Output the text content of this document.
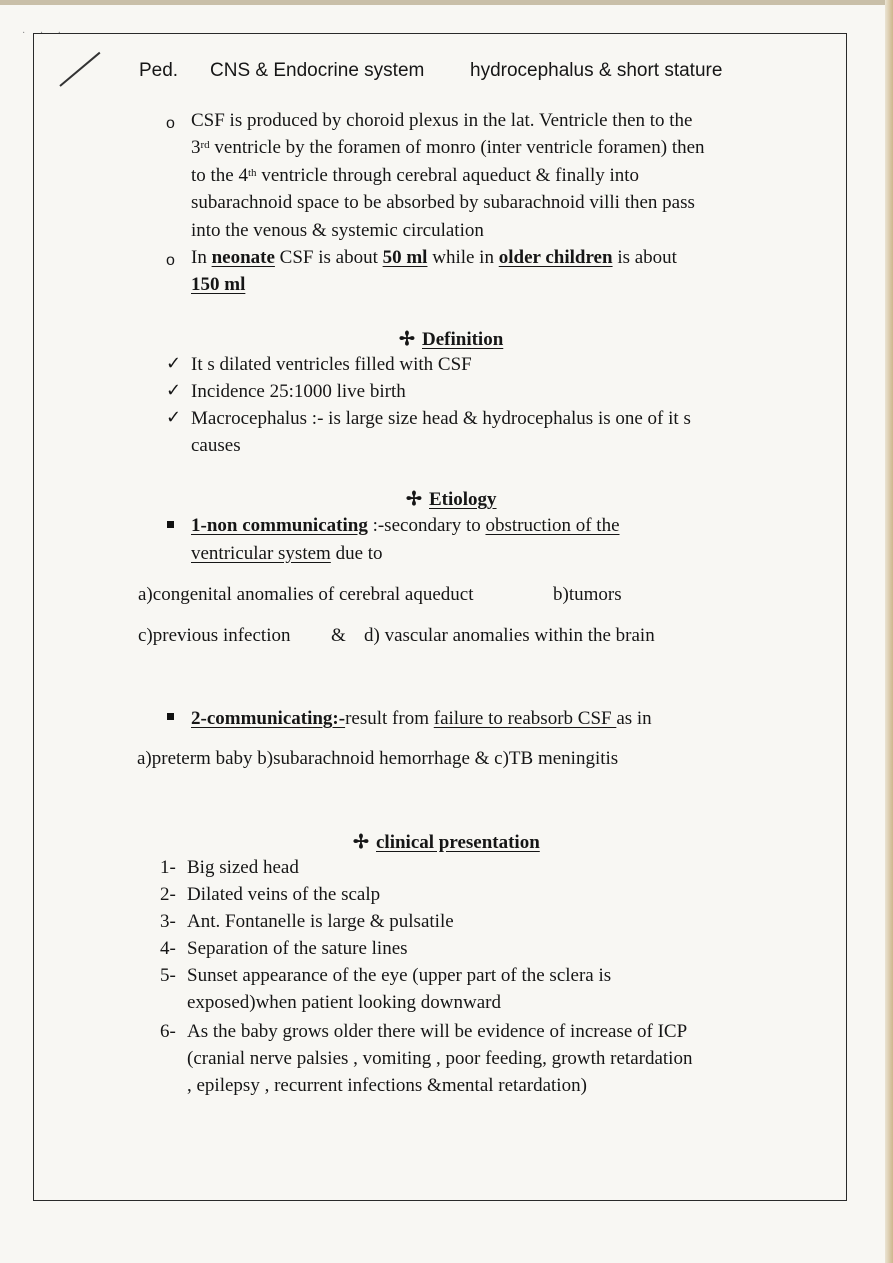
· · ·
Ped. CNS & Endocrine system hydrocephalus & short stature
o CSF is produced by choroid plexus in the lat. Ventricle then to the
3rd ventricle by the foramen of monro (inter ventricle foramen) then
to the 4th ventricle through cerebral aqueduct & finally into
subarachnoid space to be absorbed by subarachnoid villi then pass
into the venous & systemic circulation
o In neonate CSF is about 50 ml while in older children is about
150 ml
✢ Definition
✓ It s dilated ventricles filled with CSF
✓ Incidence 25:1000 live birth
✓ Macrocephalus :- is large size head & hydrocephalus is one of it s
causes
✢ Etiology
1-non communicating :-secondary to obstruction of the
ventricular system due to
a)congenital anomalies of cerebral aqueduct	b)tumors
c)previous infection & d) vascular anomalies within the brain
2-communicating:-result from failure to reabsorb CSF as in
a)preterm baby b)subarachnoid hemorrhage & c)TB meningitis
✢ clinical presentation
1- Big sized head
2- Dilated veins of the scalp
3- Ant. Fontanelle is large & pulsatile
4- Separation of the sature lines
5- Sunset appearance of the eye (upper part of the sclera is
exposed)when patient looking downward
6- As the baby grows older there will be evidence of increase of ICP
(cranial nerve palsies , vomiting , poor feeding, growth retardation
, epilepsy , recurrent infections &mental retardation)
